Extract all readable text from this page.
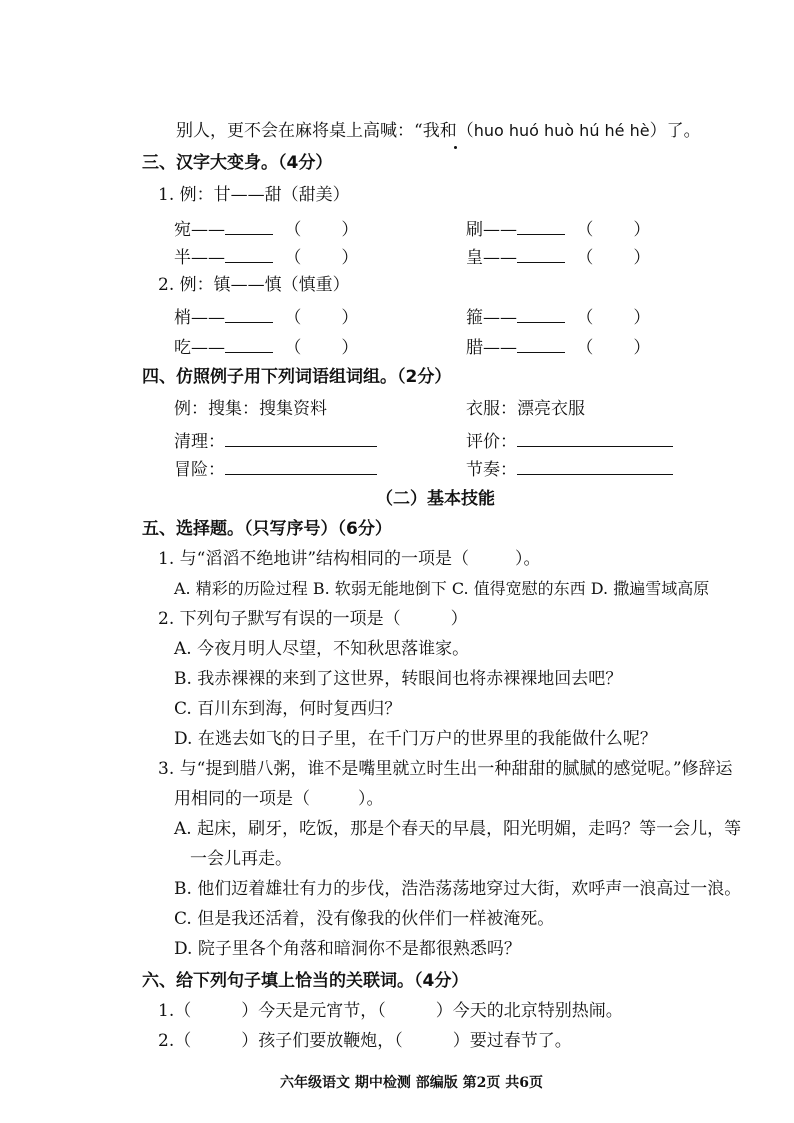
别人，更不会在麻将桌上高喊：“我和（huo huó huò hú hé hè）了。
三、汉字大变身。（4分）
1. 例：甘——甜（甜美）
宛——	（ ）	刷——	（ ）
半——	（ ）	皇——	（ ）
2. 例：镇——慎（慎重）
梢——	（ ）	箍——	（ ）
吃——	（ ）	腊——	（ ）
四、仿照例子用下列词语组词组。（2分）
例：搜集：搜集资料	衣服：漂亮衣服
清理：	评价：
冒险：	节奏：
（二）基本技能
五、选择题。（只写序号）（6分）
1. 与“滔滔不绝地讲”结构相同的一项是（	）。
A. 精彩的历险过程 B. 软弱无能地倒下 C. 值得宽慰的东西 D. 撒遍雪域高原
2. 下列句子默写有误的一项是（	）
A. 今夜月明人尽望，不知秋思落谁家。
B. 我赤裸裸的来到了这世界，转眼间也将赤裸裸地回去吧？
C. 百川东到海，何时复西归？
D. 在逃去如飞的日子里，在千门万户的世界里的我能做什么呢？
3. 与“提到腊八粥，谁不是嘴里就立时生出一种甜甜的腻腻的感觉呢。”修辞运
用相同的一项是（	）。
A. 起床，刷牙，吃饭，那是个春天的早晨，阳光明媚，走吗？等一会儿，等
一会儿再走。
B. 他们迈着雄壮有力的步伐，浩浩荡荡地穿过大街，欢呼声一浪高过一浪。
C. 但是我还活着，没有像我的伙伴们一样被淹死。
D. 院子里各个角落和暗洞你不是都很熟悉吗？
六、给下列句子填上恰当的关联词。（4分）
1.（	）今天是元宵节，（	）今天的北京特别热闹。
2.（	）孩子们要放鞭炮，（	）要过春节了。
六年级语文 期中检测 部编版 第2页 共6页
